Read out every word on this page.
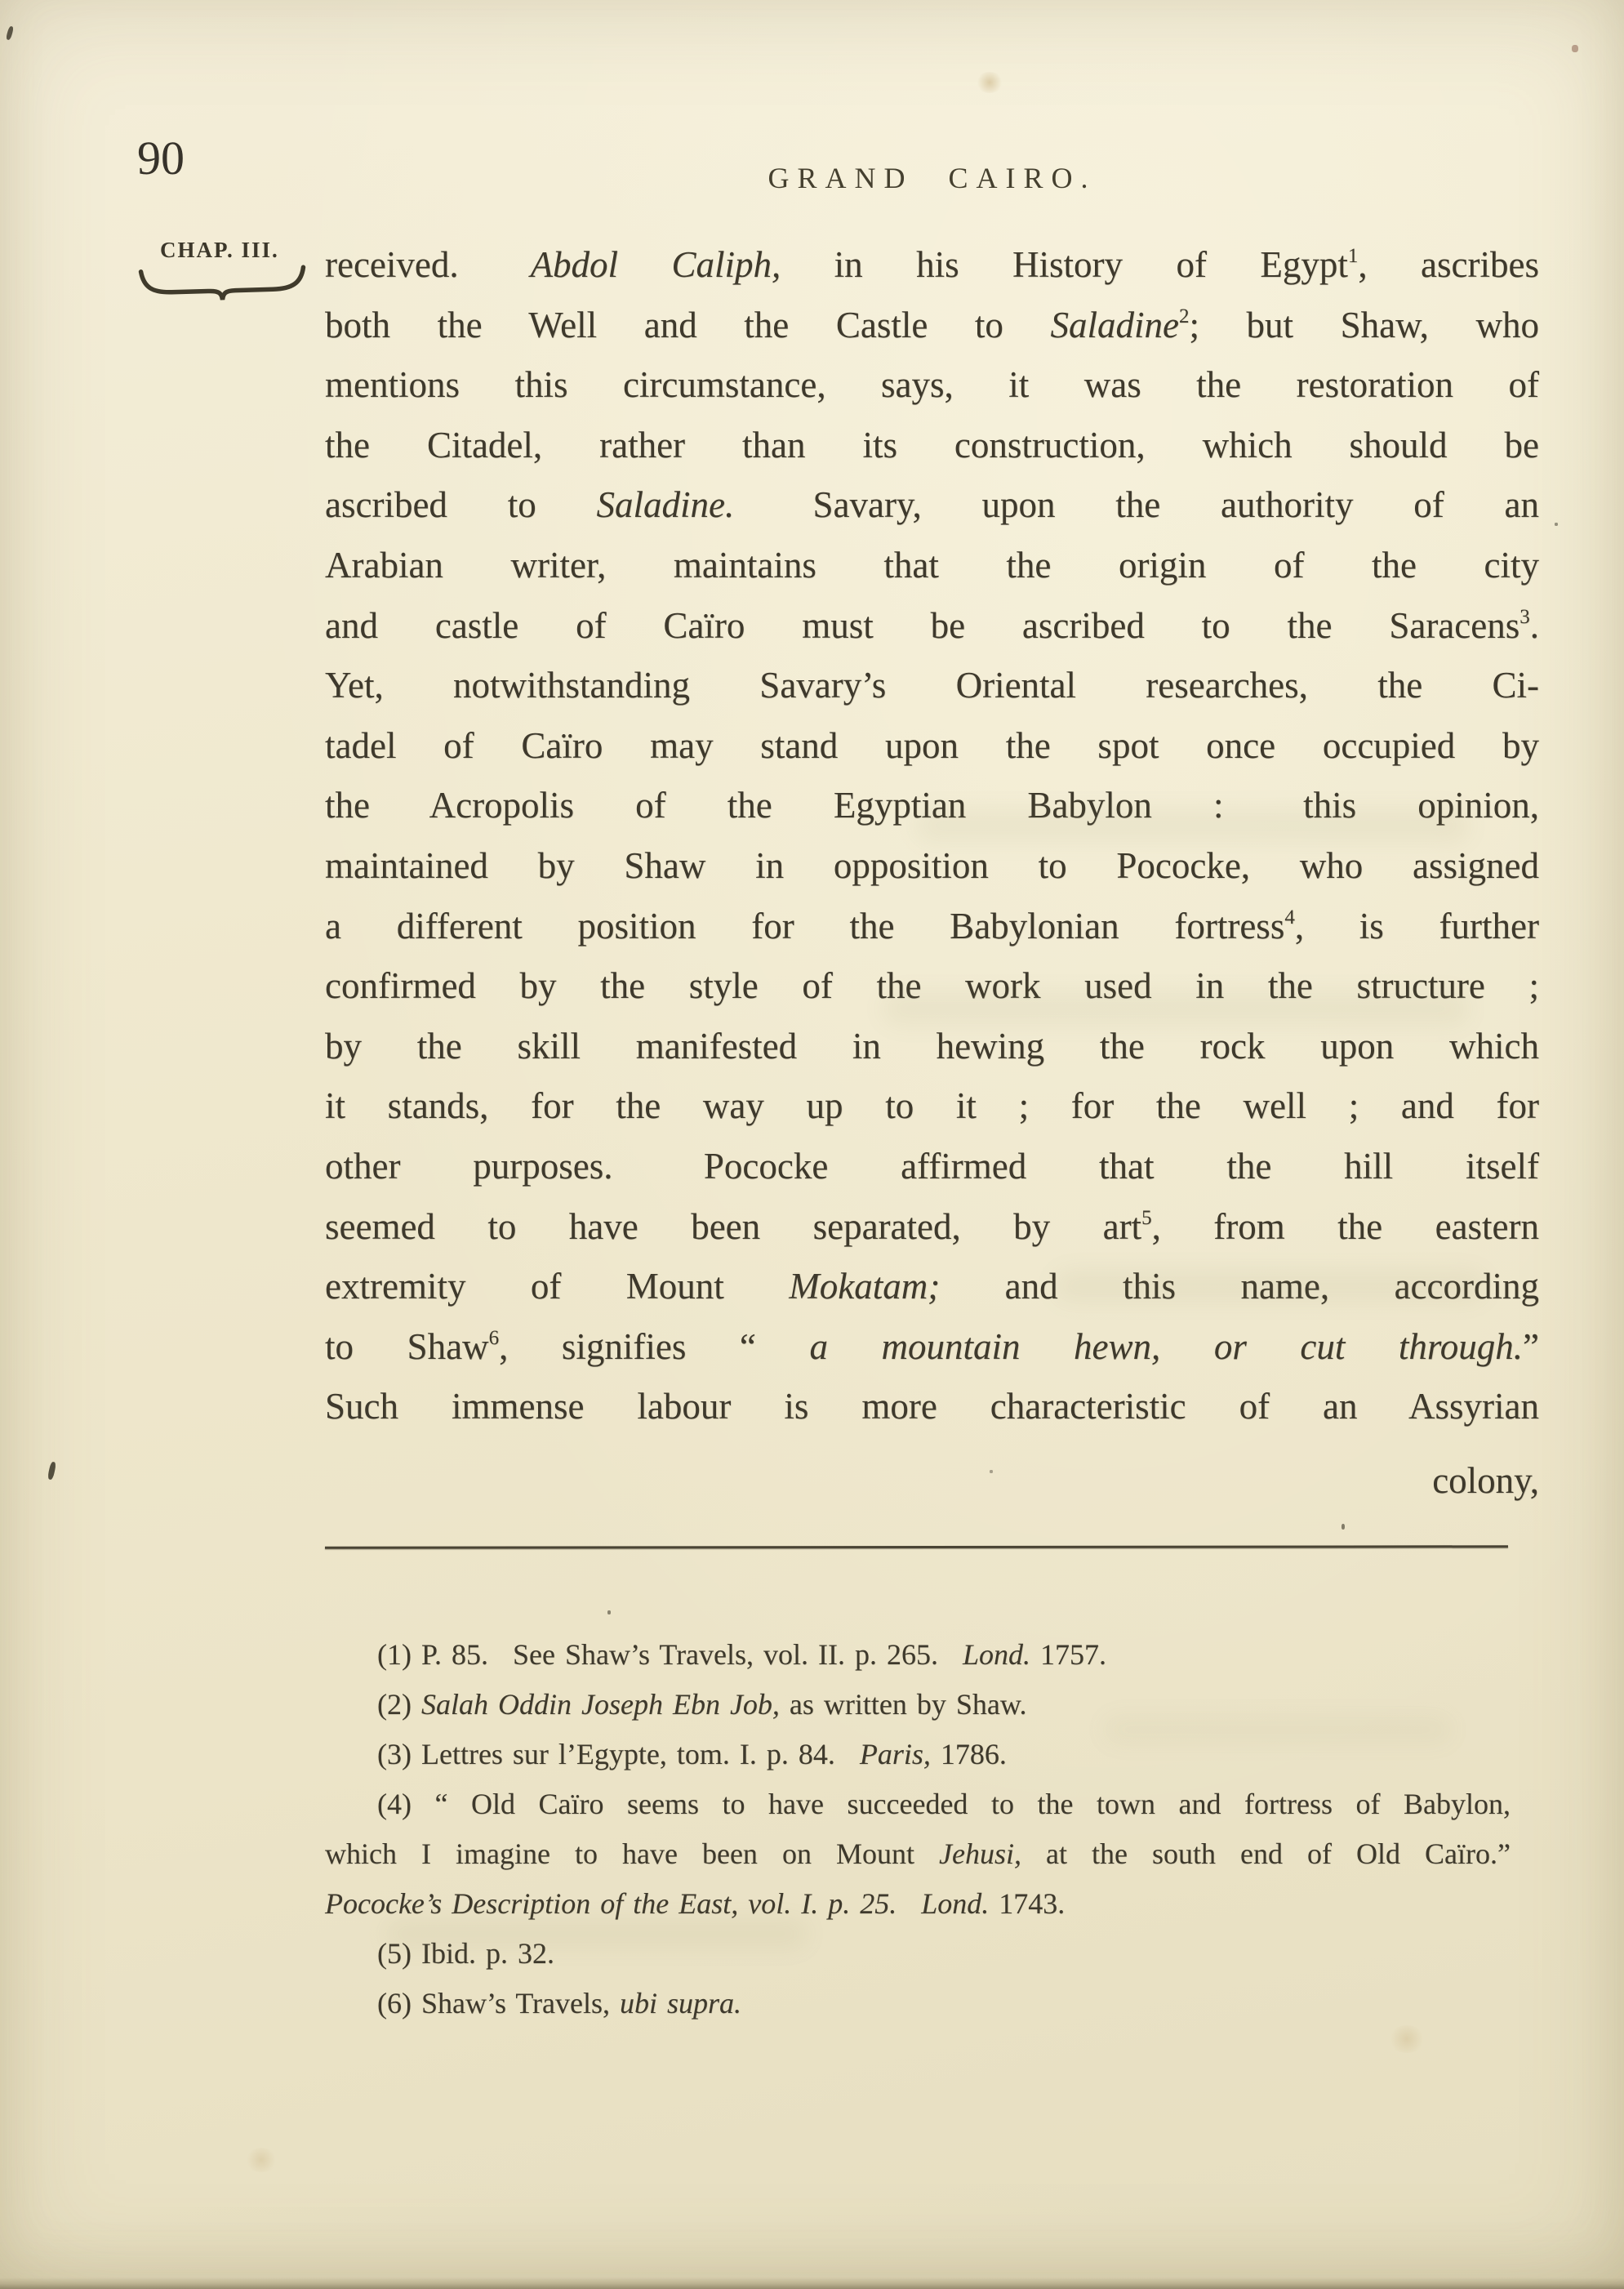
90	GRAND CAIRO.
CHAP. III. received.  Abdol Caliph, in his History of Egypt$^1$, ascribes
both the Well and the Castle to Saladine$^2$; but Shaw, who
mentions this circumstance, says, it was the restoration of
the Citadel, rather than its construction, which should be
ascribed to Saladine.  Savary, upon the authority of an
Arabian writer, maintains that the origin of the city
and castle of Caïro must be ascribed to the Saracens$^3$.
Yet, notwithstanding Savary’s Oriental researches, the Ci-
tadel of Caïro may stand upon the spot once occupied by
the Acropolis of the Egyptian Babylon :  this opinion,
maintained by Shaw in opposition to Pococke, who assigned
a different position for the Babylonian fortress$^4$, is further
confirmed by the style of the work used in the structure ;
by the skill manifested in hewing the rock upon which
it stands, for the way up to it ; for the well ; and for
other purposes.  Pococke affirmed that the hill itself
seemed to have been separated, by art$^5$, from the eastern
extremity of Mount Mokatam; and this name, according
to Shaw$^6$, signifies “ a mountain hewn, or cut through.”
Such immense labour is more characteristic of an Assyrian
colony,
(1) P. 85.  See Shaw’s Travels, vol. II. p. 265.  Lond. 1757.
(2) Salah Oddin Joseph Ebn Job, as written by Shaw.
(3) Lettres sur l’Egypte, tom. I. p. 84.  Paris, 1786.
(4) “ Old Caïro seems to have succeeded to the town and fortress of Babylon,
which I imagine to have been on Mount Jehusi, at the south end of Old Caïro.”
Pococke’s Description of the East, vol. I. p. 25.  Lond. 1743.
(5) Ibid. p. 32.
(6) Shaw’s Travels, ubi supra.
